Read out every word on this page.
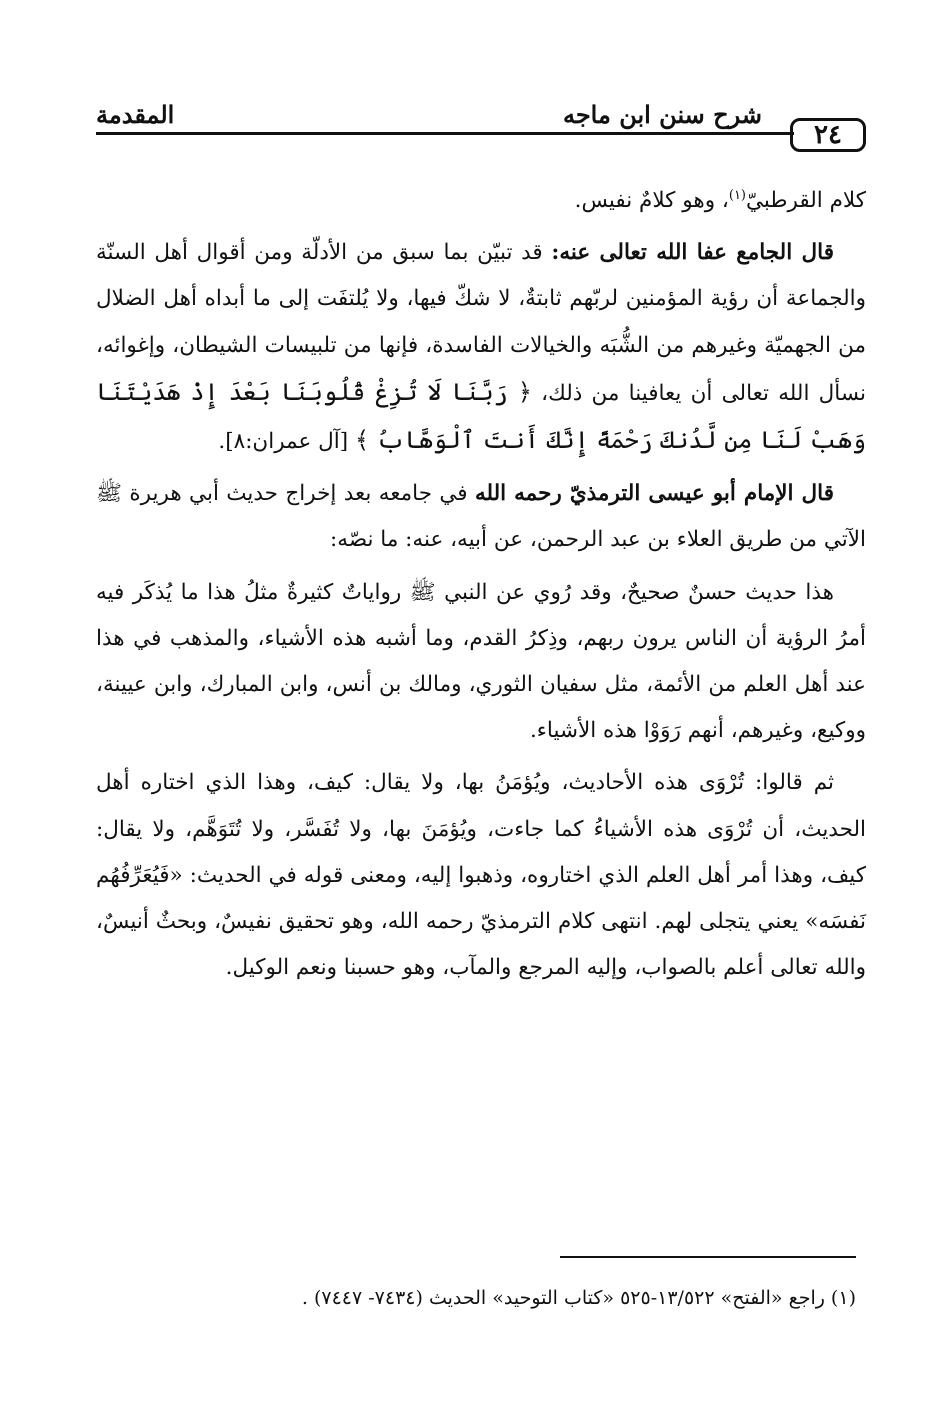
٢٤
شرح سنن ابن ماجه
المقدمة

كلام القرطبيّ$^{(١)}$، وهو كلامٌ نفيس.

قال الجامع عفا الله تعالى عنه: قد تبيّن بما سبق من الأدلّة ومن أقوال أهل السنّة والجماعة أن رؤية المؤمنين لربّهم ثابتةٌ، لا شكّ فيها، ولا يُلتفَت إلى ما أبداه أهل الضلال من الجهميّة وغيرهم من الشُّبَه والخيالات الفاسدة، فإنها من تلبيسات الشيطان، وإغوائه، نسأل الله تعالى أن يعافينا من ذلك، ﴿ رَبَّنَا لَا تُزِغْ قُلُوبَنَا بَعْدَ إِذْ هَدَيْتَنَا وَهَبْ لَنَا مِن لَّدُنكَ رَحْمَةً إِنَّكَ أَنتَ ٱلْوَهَّابُ ﴾ [آل عمران:٨].

قال الإمام أبو عيسى الترمذيّ رحمه الله في جامعه بعد إخراج حديث أبي هريرة ﷺ الآتي من طريق العلاء بن عبد الرحمن، عن أبيه، عنه: ما نصّه:

هذا حديث حسنٌ صحيحٌ، وقد رُوي عن النبي ﷺ رواياتٌ كثيرةٌ مثلُ هذا ما يُذكَر فيه أمرُ الرؤية أن الناس يرون ربهم، وذِكرُ القدم، وما أشبه هذه الأشياء، والمذهب في هذا عند أهل العلم من الأئمة، مثل سفيان الثوري، ومالك بن أنس، وابن المبارك، وابن عيينة، ووكيع، وغيرهم، أنهم رَوَوْا هذه الأشياء.

ثم قالوا: تُرْوَى هذه الأحاديث، ويُؤمَنُ بها، ولا يقال: كيف، وهذا الذي اختاره أهل الحديث، أن تُرْوَى هذه الأشياءُ كما جاءت، ويُؤمَنَ بها، ولا تُفَسَّر، ولا تُتَوَهَّم، ولا يقال: كيف، وهذا أمر أهل العلم الذي اختاروه، وذهبوا إليه، ومعنى قوله في الحديث: «فَيُعَرِّفُهُم نَفسَه» يعني يتجلى لهم. انتهى كلام الترمذيّ رحمه الله، وهو تحقيق نفيسٌ، وبحثٌ أنيسٌ، والله تعالى أعلم بالصواب، وإليه المرجع والمآب، وهو حسبنا ونعم الوكيل.

(١) راجع «الفتح» ١٣/٥٢٢-٥٢٥ «كتاب التوحيد» الحديث (٧٤٣٤- ٧٤٤٧) .
